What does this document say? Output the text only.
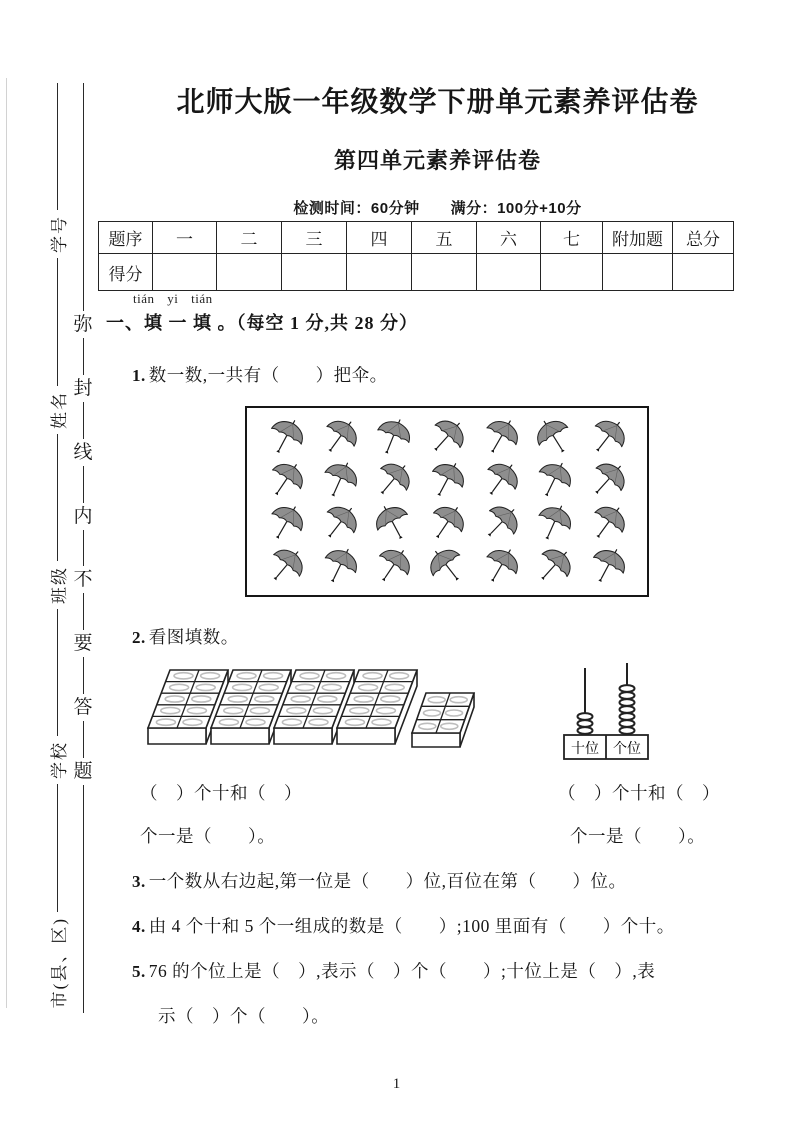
学号
姓名
班级
学校
市(县、区)
弥
封
线
内
不
要
答
题
北师大版一年级数学下册单元素养评估卷
第四单元素养评估卷
检测时间：60分钟　　满分：100分+10分
题序	一	二	三	四	五	六	七	附加题	总分
得分									
tián yi tián
一、填 一 填 。（每空 1 分,共 28 分）
1. 数一数,一共有（　　）把伞。
2. 看图填数。
十位 个位
（　）个十和（　）
个一是（　　）。
（　）个十和（　）
个一是（　　）。
3. 一个数从右边起,第一位是（　　）位,百位在第（　　）位。
4. 由 4 个十和 5 个一组成的数是（　　）;100 里面有（　　）个十。
5. 76 的个位上是（　）,表示（　）个（　　）;十位上是（　）,表
示（　）个（　　）。
1
